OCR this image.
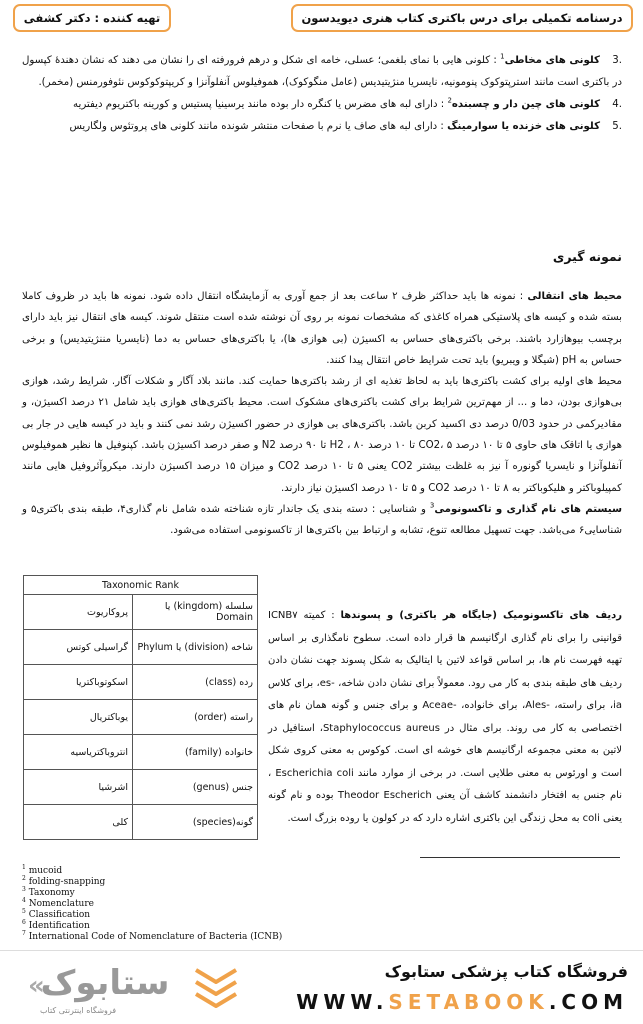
درسنامه تکمیلی برای درس باکتری کتاب هنری دیویدسون
تهیه کننده : دکتر کشفی

.3کلونی های مخاطی$^1$ : کلونی هایی با نمای بلغمی؛ عسلی، خامه ای شکل و درهم فرورفته ای را نشان می دهند که نشان دهندۀ کپسول در باکتری است مانند استرپتوکوک پنومونیه، نایسریا منژیتیدیس (عامل منگوکوک)، هموفیلوس آنفلوآنزا و کریپتوکوکوس نئوفورمنس (مخمر).

.4کلونی های چین دار و چسبنده$^2$ : دارای لبه های مضرس یا کنگره دار بوده مانند یرسینیا پستیس و کورینه باکتریوم دیفتریه

.5کلونی های خزنده یا سوارمینگ : دارای لبه های صاف یا نرم با صفحات منتشر شونده مانند کلونی های پروتئوس ولگاریس

نمونه گیری

محیط های انتقالی : نمونه ها باید حداکثر ظرف ۲ ساعت بعد از جمع آوری به آزمایشگاه انتقال داده شود. نمونه ها باید در ظروف کاملا بسته شده و کیسه های پلاستیکی همراه کاغذی که مشخصات نمونه بر روی آن نوشته شده است منتقل شوند. کیسه های انتقال نیز باید دارای برچسب بیوهازارد باشند. برخی باکتری‌های حساس به اکسیژن (بی هوازی ها)، یا باکتری‌های حساس به دما (نایسریا مننژیتیدیس) و برخی حساس به pH (شیگلا و ویبریو) باید تحت شرایط خاص انتقال پیدا کنند.

محیط های اولیه برای کشت باکتری‌ها باید به لحاظ تغذیه ای از رشد باکتری‌ها حمایت کند. مانند بلاد آگار و شکلات آگار. شرایط رشد، هوازی بی‌هوازی بودن، دما و ... از مهم‌ترین شرایط برای کشت باکتری‌های مشکوک است. محیط باکتری‌های هوازی باید شامل ۲۱ درصد اکسیژن، و مقادیرکمی در حدود 0/03 درصد دی اکسید کربن باشد. باکتری‌های بی هوازی در حضور اکسیژن رشد نمی کنند و باید در کیسه هایی در جار بی هوازی یا اتاقک های حاوی ۵ تا ۱۰ درصد CO2، ۵ تا ۱۰ درصد H2 ، ۸۰ تا ۹۰ درصد N2 و صفر درصد اکسیژن باشد. کپنوفیل ها نظیر هموفیلوس آنفلوآنزا و نایسریا گونوره آ نیز به غلظت بیشتر CO2 یعنی ۵ تا ۱۰ درصد CO2 و میزان ۱۵ درصد اکسیژن دارند. میکروآئروفیل هایی مانند کمپیلوباکتر و هلیکوباکتر به ۸ تا ۱۰ درصد CO2 و ۵ تا ۱۰ درصد اکسیژن نیاز دارند.

سیستم های نام گذاری و تاکسونومی$^3$ و شناسایی : دسته بندی یک جاندار تازه شناخته شده شامل نام گذاری۴، طبقه بندی باکتری۵ و شناسایی۶ می‌باشد. جهت تسهیل مطالعه تنوع، تشابه و ارتباط بین باکتری‌ها از تاکسونومی استفاده می‌شود.

Taxonomic Rank	
پروکاریوت	سلسله (kingdom) یا Domain
گراسیلی کوتس	شاخه (division) یا Phylum
اسکوتوباکتریا	رده (class)
یوباکتریال	راسته (order)
انتروباکتریاسیه	خانواده (family)
اشرشیا	جنس (genus)
کلی	گونه(species)
ردیف های تاکسونومیک (جایگاه هر باکتری) و پسوندها : کمیته ICNB۷ قوانینی را برای نام گذاری ارگانیسم ها قرار داده است. سطوح نامگذاری بر اساس تهیه فهرست نام ها، بر اساس قواعد لاتین یا ایتالیک به شکل پسوند جهت نشان دادن ردیف های طبقه بندی به کار می رود. معمولاً برای نشان دادن شاخه، ‑es، برای کلاس ia، برای راسته، ‑Ales، برای خانواده، ‑Aceae و برای جنس و گونه همان نام های اختصاصی به کار می روند. برای مثال در Staphylococcus aureus، استافیل در لاتین به معنی مجموعه ارگانیسم های خوشه ای است. کوکوس به معنی کروی شکل است و اورئوس به معنی طلایی است. در برخی از موارد مانند Escherichia coli ، نام جنس به افتخار دانشمند کاشف آن یعنی Theodor Escherich بوده و نام گونه یعنی coli به محل زندگی این باکتری اشاره دارد که در کولون یا روده بزرگ است.
$^1$ mucoid
$^2$ folding-snapping
$^3$ Taxonomy
$^4$ Nomenclature
$^5$ Classification
$^6$ Identification
$^7$ International Code of Nomenclature of Bacteria (ICNB)
ستابوک
«
فروشگاه اینترنتی کتاب
فروشگاه کتاب پزشکی ستابوک
WWW.SETABOOK.COM
